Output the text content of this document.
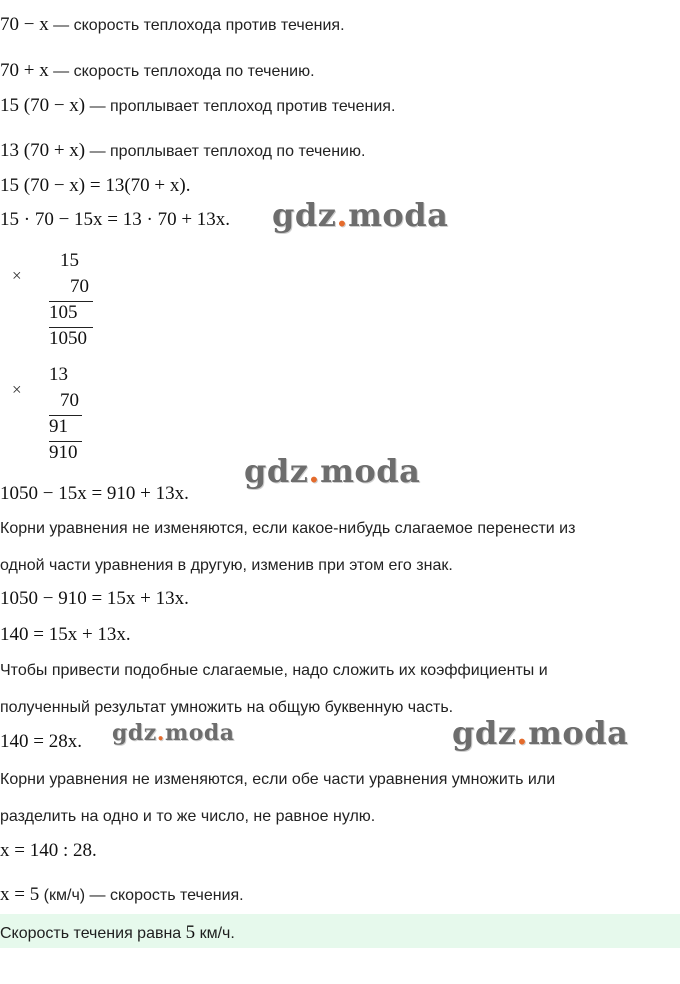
70 − x — скорость теплохода против течения.
70 + x — скорость теплохода по течению.
15 (70 − x) — проплывает теплоход против течения.
13 (70 + x) — проплывает теплоход по течению.
15 (70 − x) = 13(70 + x).
15 · 70 − 15x = 13 · 70 + 13x. gdz.moda
×
15
70
105
1050
×
13
70
91
910
1050 − 15x = 910 + 13x.
gdz.moda
Корни уравнения не изменяются, если какое-нибудь слагаемое перенести из
одной части уравнения в другую, изменив при этом его знак.
1050 − 910 = 15x + 13x.
140 = 15x + 13x.
Чтобы привести подобные слагаемые, надо сложить их коэффициенты и
полученный результат умножить на общую буквенную часть.
140 = 28x. gdz.moda	gdz.moda
Корни уравнения не изменяются, если обе части уравнения умножить или
разделить на одно и то же число, не равное нулю.
x = 140 : 28.
x = 5 (км/ч) — скорость течения.
Скорость течения равна 5 км/ч.
